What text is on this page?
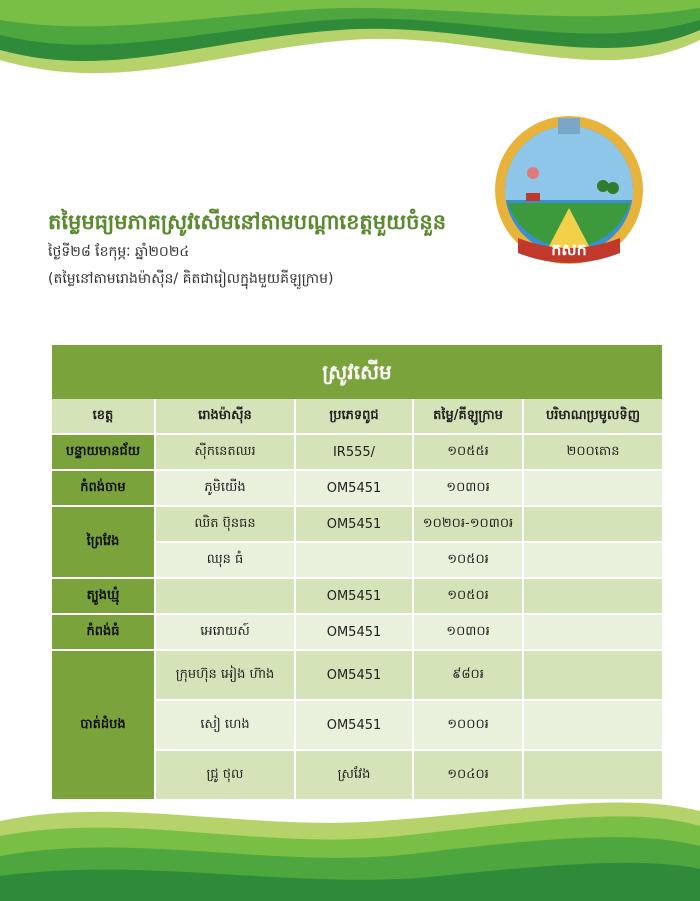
តម្លៃមធ្យមភាគស្រូវសើមនៅតាមបណ្តាខេត្តមួយចំនួន
ថ្ងៃទី២៨ ខែកុម្ភៈ ឆ្នាំ២០២៤
(តម្លៃនៅតាមរោងម៉ាស៊ីន/ គិតជារៀលក្នុងមួយគីឡូក្រាម)
កសក
ស្រូវសើម
ខេត្ត	រោងម៉ាស៊ីន	ប្រភេទពូជ	តម្លៃ/គីឡូក្រាម	បរិមាណប្រមូលទិញ
បន្ទាយមានជ័យ	ស៊ីកនេតឈរ	IR555/	១០៥៥៛	២០០តោន
កំពង់ចាម	ភូមិយើង	OM5451	១០៣០៛	
ព្រៃវែង	ឈិត ប៊ុនធន	OM5451	១០២០៛-១០៣០៛	
	ឈុន ធំ		១០៥០៛	
ត្បូងឃ្មុំ		OM5451	១០៥០៛	
កំពង់ធំ	អេរោយស៍	OM5451	១០៣០៛	
បាត់ដំបង	ក្រុមហ៊ុន អៀង ហ៊ាង	OM5451	៩៨០៛	
	សៀ ហេង	OM5451	១០០០៛	
	ជ្រូ ថុល	ស្រវែង	១០៤០៛	
